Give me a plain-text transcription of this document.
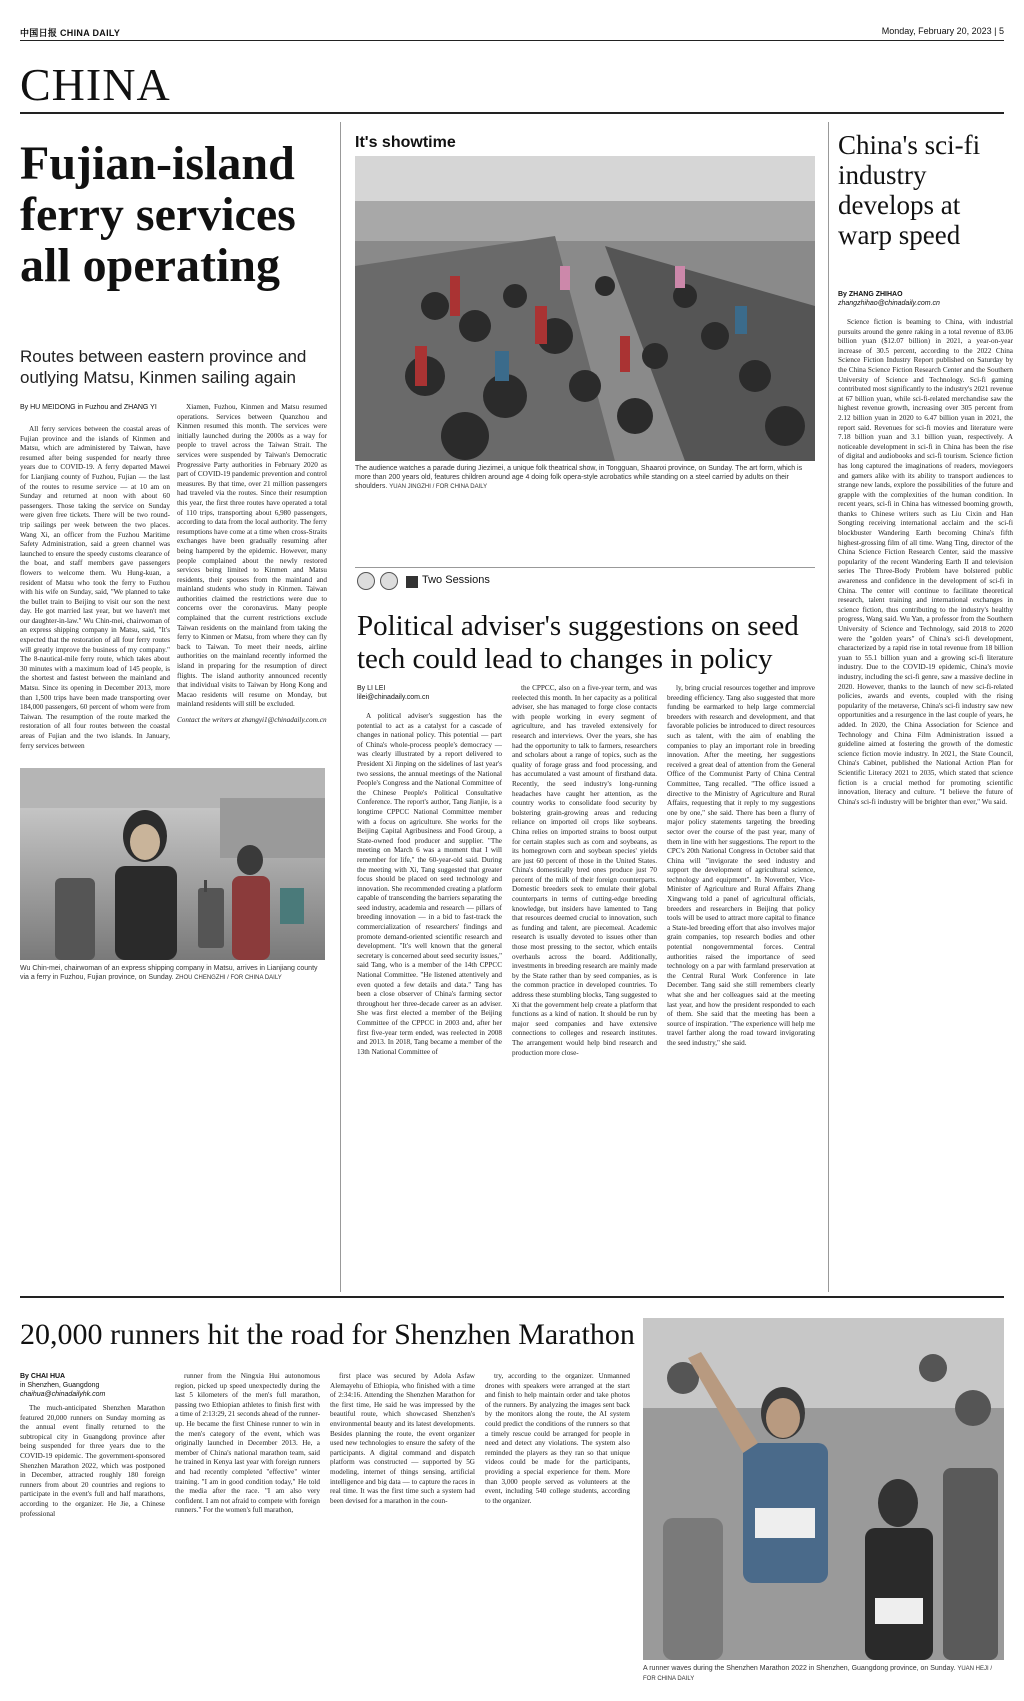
中国日报 CHINA DAILY	Monday, February 20, 2023 | 5
CHINA
Fujian-island ferry services all operating
Routes between eastern province and outlying Matsu, Kinmen sailing again
By HU MEIDONG in Fuzhou and ZHANG YI

All ferry services between the coastal areas of Fujian province and the islands of Kinmen and Matsu, which are administered by Taiwan, have resumed after being suspended for nearly three years due to COVID-19. A ferry departed Mawei for Lianjiang county of Fuzhou, Fujian — the last of the routes to resume service — at 10 am on Sunday and returned at noon with about 60 passengers. Those taking the service on Sunday were given free tickets. There will be two round-trip sailings per week between the two places. Wang Xi, an officer from the Fuzhou Maritime Safety Administration, said a green channel was launched to ensure the speedy customs clearance of the boat, and staff members gave passengers flowers to welcome them. Wu Hung-kuan, a resident of Matsu who took the ferry to Fuzhou with his wife on Sunday, said, "We planned to take the bullet train to Beijing to visit our son the next day. He got married last year, but we haven't met our daughter-in-law." Wu Chin-mei, chairwoman of an express shipping company in Matsu, said, "It's expected that the restoration of all four ferry routes will greatly improve the business of my company." The 8-nautical-mile ferry route, which takes about 30 minutes with a maximum load of 145 people, is the shortest and fastest between the mainland and Matsu. Since its opening in December 2013, more than 1,500 trips have been made transporting over 184,000 passengers, 60 percent of whom were from Taiwan. The resumption of the route marked the restoration of all four routes between the coastal areas of Fujian and the two islands. In January, ferry services between

Xiamen, Fuzhou, Kinmen and Matsu resumed operations. Services between Quanzhou and Kinmen resumed this month. The services were initially launched during the 2000s as a way for people to travel across the Taiwan Strait. The services were suspended by Taiwan's Democratic Progressive Party authorities in February 2020 as part of COVID-19 pandemic prevention and control measures. By that time, over 21 million passengers had traveled via the routes. Since their resumption this year, the first three routes have operated a total of 110 trips, transporting about 6,980 passengers, according to data from the local authority. The ferry resumptions have come at a time when cross-Straits exchanges have been gradually resuming after being hampered by the epidemic. However, many people complained about the newly restored services being limited to Kinmen and Matsu residents, their spouses from the mainland and mainland students who study in Kinmen. Taiwan authorities claimed the restrictions were due to concerns over the coronavirus. Many people complained that the current restrictions exclude Taiwan residents on the mainland from taking the ferry to Kinmen or Matsu, from where they can fly back to Taiwan. To meet their needs, airline authorities on the mainland recently informed the island in preparing for the resumption of direct flights. The island authority announced recently that individual visits to Taiwan by Hong Kong and Macao residents will resume on Monday, but mainland residents will still be excluded.

Contact the writers at zhangyi1@chinadaily.com.cn
Wu Chin-mei, chairwoman of an express shipping company in Matsu, arrives in Lianjiang county via a ferry in Fuzhou, Fujian province, on Sunday. ZHOU CHENGZHI / FOR CHINA DAILY
It's showtime
The audience watches a parade during Jiezimei, a unique folk theatrical show, in Tongguan, Shaanxi province, on Sunday. The art form, which is more than 200 years old, features children around age 4 doing folk opera-style acrobatics while standing on a steel carried by adults on their shoulders. YUAN JINGZHI / FOR CHINA DAILY
Two Sessions
Political adviser's suggestions on seed tech could lead to changes in policy
By LI LEI
lilei@chinadaily.com.cn

A political adviser's suggestion has the potential to act as a catalyst for a cascade of changes in national policy. This potential — part of China's whole-process people's democracy — was clearly illustrated by a report delivered to President Xi Jinping on the sidelines of last year's two sessions, the annual meetings of the National People's Congress and the National Committee of the Chinese People's Political Consultative Conference. The report's author, Tang Jianjie, is a longtime CPPCC National Committee member with a focus on agriculture. She works for the Beijing Capital Agribusiness and Food Group, a State-owned food producer and supplier. "The meeting on March 6 was a moment that I will remember for life," the 60-year-old said. During the meeting with Xi, Tang suggested that greater focus should be placed on seed technology and innovation. She recommended creating a platform capable of transcending the barriers separating the seed industry, academia and research — pillars of breeding innovation — in a bid to fast-track the commercialization of researchers' findings and promote demand-oriented scientific research and development. "It's well known that the general secretary is concerned about seed security issues," said Tang, who is a member of the 14th CPPCC National Committee. "He listened attentively and even quoted a few details and data." Tang has been a close observer of China's farming sector throughout her three-decade career as an adviser. She was first elected a member of the Beijing Committee of the CPPCC in 2003 and, after her first five-year term ended, was reelected in 2008 and 2013. In 2018, Tang became a member of the 13th National Committee of

the CPPCC, also on a five-year term, and was reelected this month. In her capacity as a political adviser, she has managed to forge close contacts with people working in every segment of agriculture, and has traveled extensively for research and interviews. Over the years, she has had the opportunity to talk to farmers, researchers and scholars about a range of topics, such as the quality of forage grass and food processing, and has accumulated a vast amount of firsthand data. Recently, the seed industry's long-running headaches have caught her attention, as the country works to consolidate food security by bolstering grain-growing areas and reducing reliance on imported oil crops like soybeans. China relies on imported strains to boost output for certain staples such as corn and soybeans, as its homegrown corn and soybean species' yields are just 60 percent of those in the United States. China's domestically bred ones produce just 70 percent of the milk of their foreign counterparts. Domestic breeders seek to emulate their global counterparts in terms of cutting-edge breeding knowledge, but insiders have lamented to Tang that resources deemed crucial to innovation, such as funding and talent, are piecemeal. Academic research is usually devoted to issues other than those most pressing to the sector, which entails overhauls across the board. Additionally, investments in breeding research are mainly made by the State rather than by seed companies, as is the common practice in developed countries. To address these stumbling blocks, Tang suggested to Xi that the government help create a platform that functions as a kind of nation. It should be run by major seed companies and have extensive connections to colleges and research institutes. The arrangement would help bind research and production more close-

ly, bring crucial resources together and improve breeding efficiency. Tang also suggested that more funding be earmarked to help large commercial breeders with research and development, and that favorable policies be introduced to direct resources such as talent, with the aim of enabling the companies to play an important role in breeding innovation. After the meeting, her suggestions received a great deal of attention from the General Office of the Communist Party of China Central Committee, Tang recalled. "The office issued a directive to the Ministry of Agriculture and Rural Affairs, requesting that it reply to my suggestions one by one," she said. There has been a flurry of major policy statements targeting the breeding sector over the course of the past year, many of them in line with her suggestions. The report to the CPC's 20th National Congress in October said that China will "invigorate the seed industry and support the development of agricultural science, technology and equipment". In November, Vice-Minister of Agriculture and Rural Affairs Zhang Xingwang told a panel of agricultural officials, breeders and researchers in Beijing that policy tools will be used to attract more capital to finance a State-led breeding effort that also involves major grain companies, top research bodies and other potential nongovernmental forces. Central authorities raised the importance of seed technology on a par with farmland preservation at the Central Rural Work Conference in late December. Tang said she still remembers clearly what she and her colleagues said at the meeting last year, and how the president responded to each of them. She said that the meeting has been a source of inspiration. "The experience will help me travel farther along the road toward invigorating the seed industry," she said.

China's sci-fi industry develops at warp speed
By ZHANG ZHIHAO
zhangzhihao@chinadaily.com.cn

Science fiction is beaming to China, with industrial pursuits around the genre raking in a total revenue of 83.06 billion yuan ($12.07 billion) in 2021, a year-on-year increase of 30.5 percent, according to the 2022 China Science Fiction Industry Report published on Saturday by the China Science Fiction Research Center and the Southern University of Science and Technology. Sci-fi gaming contributed most significantly to the industry's 2021 revenue at 67 billion yuan, while sci-fi-related merchandise saw the highest revenue growth, increasing over 305 percent from 2.12 billion yuan in 2020 to 6.47 billion yuan in 2021, the report said. Revenues for sci-fi movies and literature were 7.18 billion yuan and 3.1 billion yuan, respectively. A noticeable development in sci-fi in China has been the rise of digital and audiobooks and sci-fi tourism. Science fiction has long captured the imaginations of readers, moviegoers and gamers alike with its ability to transport audiences to strange new lands, explore the possibilities of the future and grapple with the complexities of the human condition. In recent years, sci-fi in China has witnessed booming growth, thanks to Chinese writers such as Liu Cixin and Han Songting receiving international acclaim and the sci-fi blockbuster Wandering Earth becoming China's fifth highest-grossing film of all time. Wang Ting, director of the China Science Fiction Research Center, said the massive popularity of the recent Wandering Earth II and television series The Three-Body Problem have bolstered public awareness and confidence in the development of sci-fi in China. The center will continue to facilitate theoretical research, talent training and international exchanges in science fiction, thus contributing to the industry's healthy progress, Wang said. Wu Yan, a professor from the Southern University of Science and Technology, said 2018 to 2020 were the "golden years" of China's sci-fi development, characterized by a rapid rise in total revenue from 18 billion yuan to 55.1 billion yuan and a growing sci-fi literature industry. Due to the COVID-19 epidemic, China's movie industry, including the sci-fi genre, saw a massive decline in 2020. However, thanks to the launch of new sci-fi-related policies, awards and events, coupled with the rising popularity of the metaverse, China's sci-fi industry saw new opportunities and a resurgence in the last couple of years, he added. In 2020, the China Association for Science and Technology and China Film Administration issued a guideline aimed at fostering the growth of the domestic science fiction movie industry. In 2021, the State Council, China's Cabinet, published the National Action Plan for Scientific Literacy 2021 to 2035, which stated that science fiction is a crucial method for promoting scientific innovation, literacy and culture. "I believe the future of China's sci-fi industry will be brighter than ever," Wu said.

20,000 runners hit the road for Shenzhen Marathon
By CHAI HUA
in Shenzhen, Guangdong
chaihua@chinadailyhk.com

The much-anticipated Shenzhen Marathon featured 20,000 runners on Sunday morning as the annual event finally returned to the subtropical city in Guangdong province after being suspended for three years due to the COVID-19 epidemic. The government-sponsored Shenzhen Marathon 2022, which was postponed in December, attracted roughly 180 foreign runners from about 20 countries and regions to participate in the event's full and half marathons, according to the organizer. He Jie, a Chinese professional

runner from the Ningxia Hui autonomous region, picked up speed unexpectedly during the last 5 kilometers of the men's full marathon, passing two Ethiopian athletes to finish first with a time of 2:13:29, 21 seconds ahead of the runner-up. He became the first Chinese runner to win in the men's category of the event, which was originally launched in December 2013. He, a member of China's national marathon team, said he trained in Kenya last year with foreign runners and had recently completed "effective" winter training. "I am in good condition today," He told the media after the race. "I am also very confident. I am not afraid to compete with foreign runners." For the women's full marathon,

first place was secured by Adola Asfaw Alemayehu of Ethiopia, who finished with a time of 2:34:16. Attending the Shenzhen Marathon for the first time, He said he was impressed by the beautiful route, which showcased Shenzhen's environmental beauty and its latest developments. Besides planning the route, the event organizer used new technologies to ensure the safety of the participants. A digital command and dispatch platform was constructed — supported by 5G modeling, internet of things sensing, artificial intelligence and big data — to capture the races in real time. It was the first time such a system had been devised for a marathon in the coun-

try, according to the organizer. Unmanned drones with speakers were arranged at the start and finish to help maintain order and take photos of the runners. By analyzing the images sent back by the monitors along the route, the AI system could predict the conditions of the runners so that a timely rescue could be arranged for people in need and detect any violations. The system also reminded the players as they ran so that unique videos could be made for the participants, providing a special experience for them. More than 3,000 people served as volunteers at the event, including 540 college students, according to the organizer.

A runner waves during the Shenzhen Marathon 2022 in Shenzhen, Guangdong province, on Sunday. YUAN HEJI / FOR CHINA DAILY
